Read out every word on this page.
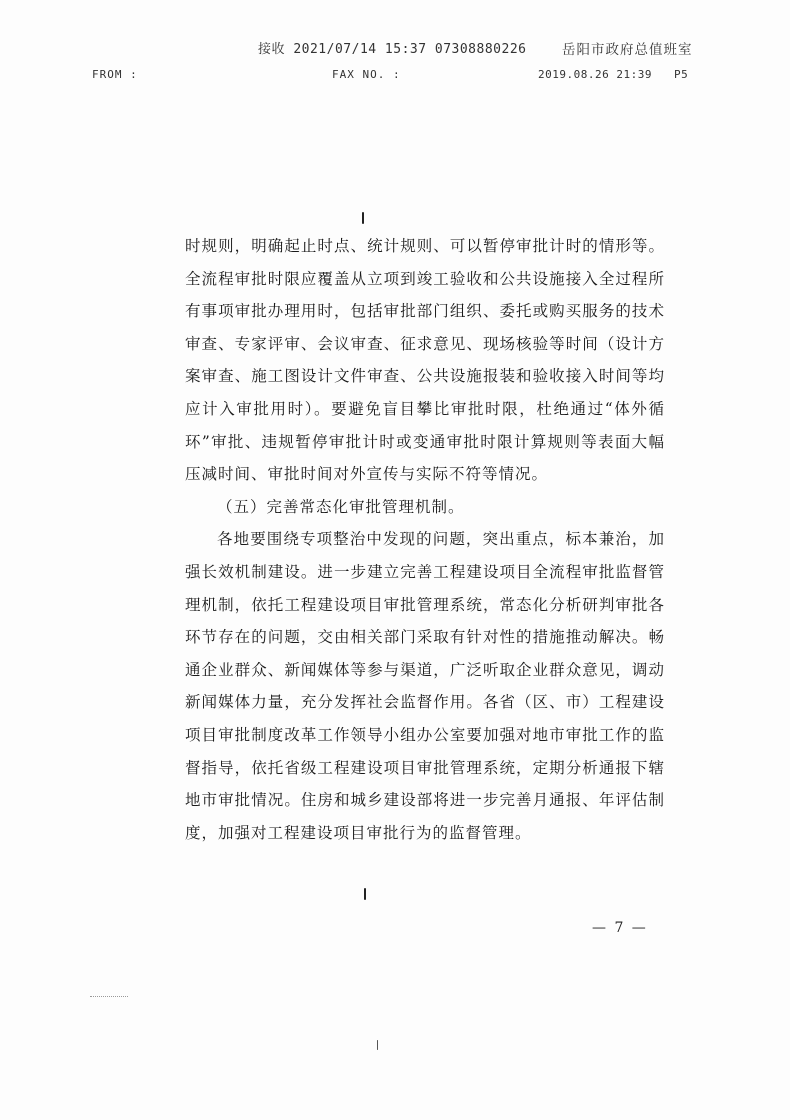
接收 2021/07/14 15:37 07308880226	岳阳市政府总值班室
FROM :	FAX NO. :	2019.08.26 21:39 P5

时规则，明确起止时点、统计规则、可以暂停审批计时的情形等。全流程审批时限应覆盖从立项到竣工验收和公共设施接入全过程所有事项审批办理用时，包括审批部门组织、委托或购买服务的技术审查、专家评审、会议审查、征求意见、现场核验等时间（设计方案审查、施工图设计文件审查、公共设施报装和验收接入时间等均应计入审批用时）。要避免盲目攀比审批时限，杜绝通过“体外循环”审批、违规暂停审批计时或变通审批时限计算规则等表面大幅压减时间、审批时间对外宣传与实际不符等情况。

（五）完善常态化审批管理机制。

各地要围绕专项整治中发现的问题，突出重点，标本兼治，加强长效机制建设。进一步建立完善工程建设项目全流程审批监督管理机制，依托工程建设项目审批管理系统，常态化分析研判审批各环节存在的问题，交由相关部门采取有针对性的措施推动解决。畅通企业群众、新闻媒体等参与渠道，广泛听取企业群众意见，调动新闻媒体力量，充分发挥社会监督作用。各省（区、市）工程建设项目审批制度改革工作领导小组办公室要加强对地市审批工作的监督指导，依托省级工程建设项目审批管理系统，定期分析通报下辖地市审批情况。住房和城乡建设部将进一步完善月通报、年评估制度，加强对工程建设项目审批行为的监督管理。

— 7 —
